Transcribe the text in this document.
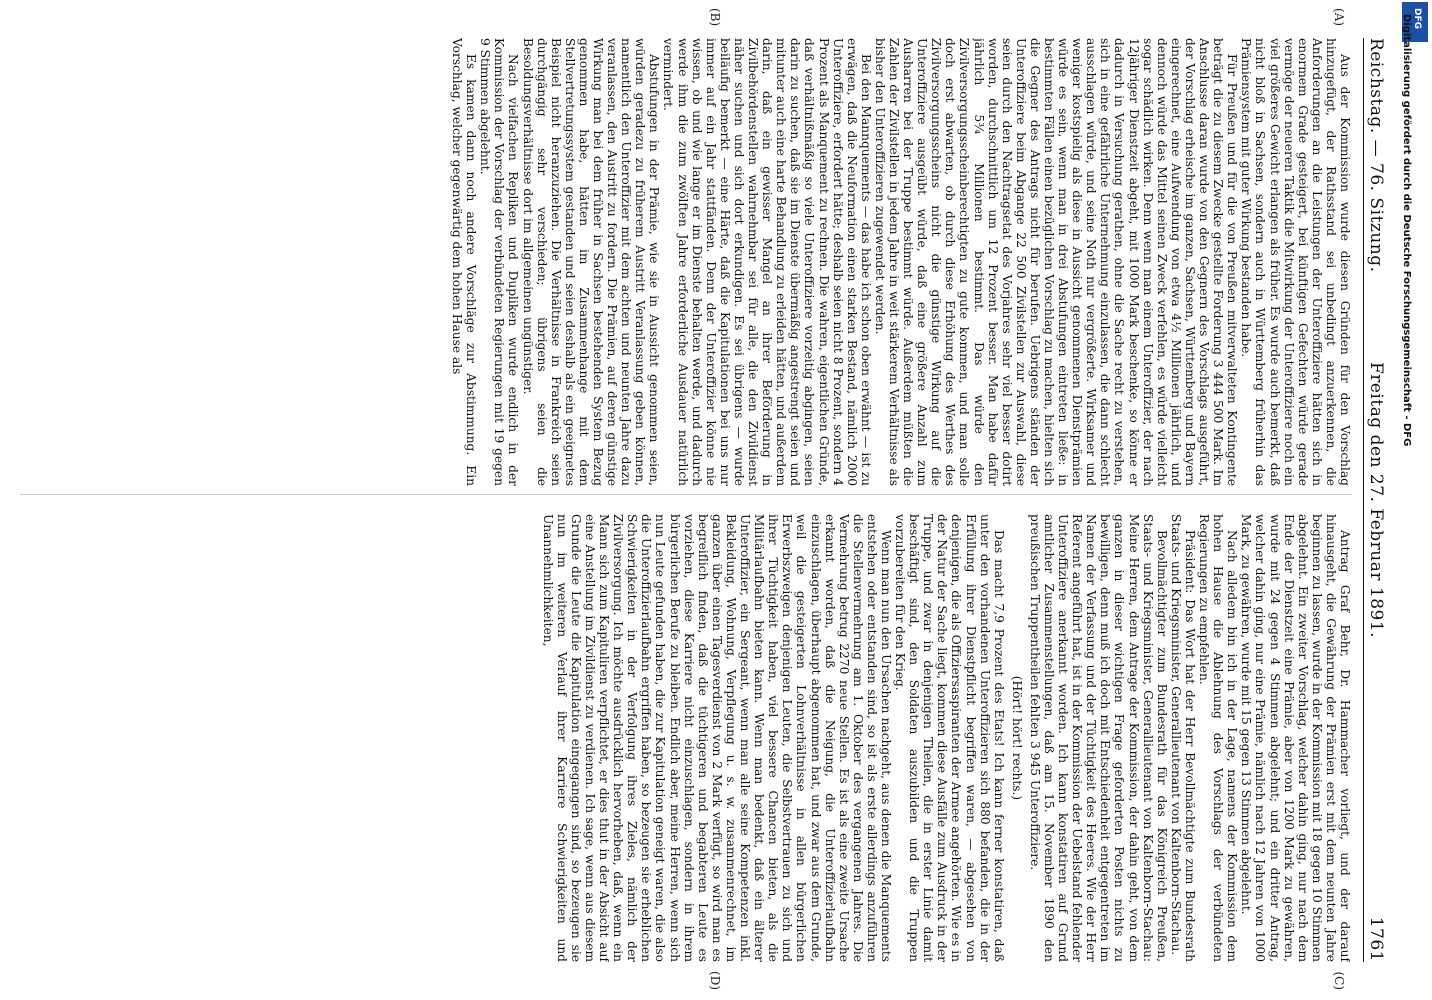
Reichstag. — 76. Sitzung.
Freitag den 27. Februar 1891.
1761
(A)
(B)
(C)
(D)

Aus der Kommission wurde diesen Gründen für den Vorschlag hinzugefügt, der Rathsstand sei unbedingt anzuerkennen, die Anforderungen an die Leistungen der Unteroffiziere hätten sich in enormem Grade gesteigert, bei künftigen Gefechten würde gerade vermöge der neueren Taktik die Mitwirkung der Unteroffiziere noch ein viel größeres Gewicht erlangen als früher. Es wurde auch bemerkt, daß nicht bloß in Sachsen, sondern auch in Württemberg früherhin das Prämiensystem mit guter Wirkung bestanden habe.

Für Preußen und für die von Preußen mitverwalteten Kontingente beträgt die zu diesem Zwecke gestellte Forderung 3 444 500 Mark. Im Anschlusse daran wurde von den Gegnern des Vorschlags ausgeführt, der Vorschlag erheische im ganzen, Sachsen, Württemberg und Bayern eingerechnet, eine Aufwendung von etwa 4½ Millionen jährlich, und dennoch würde das Mittel seinen Zweck verfehlen, es würde vielleicht sogar schädlich wirken. Denn wenn man einem Unteroffizier, der nach 12jähriger Dienstzeit abgeht, mit 1000 Mark beschenke, so könne er dadurch in Versuchung gerathen, ohne die Sache recht zu verstehen, sich in eine gefährliche Unternehmung einzulassen, die dann schlecht ausschlagen würde, und seine Noth nur vergrößerte. Wirksamer und weniger kostspielig als diese in Aussicht genommenen Dienstprämien würde es sein, wenn man in drei Abstufungen eintreten ließe: in bestimmten Fällen einen bezüglichen Vorschlag zu machen, hielten sich die Gegner des Antrags nicht für berufen. Uebrigens ständen der Unteroffiziere beim Abgange 22 500 Zivilstellen zur Auswahl, diese seien durch den Nachtragsetat des Vorjahres sehr viel besser dotirt worden, durchschnittlich um 12 Prozent besser. Man habe dafür jährlich 5¾ Millionen bestimmt. Das würde den Zivilversorgungsscheinberechtigten zu gute kommen, und man solle doch erst abwarten, ob durch diese Erhöhung des Werthes des Zivilversorgungsscheins nicht die günstige Wirkung auf die Unteroffiziere ausgeübt würde, daß eine größere Anzahl zum Ausharren bei der Truppe bestimmt würde. Außerdem müßten die Zahlen der Zivilstellen in jedem Jahre in weit stärkerem Verhältnisse als bisher den Unteroffizieren zugewendet werden.

Bei den Mannquements — das habe ich schon oben erwähnt — ist zu erwägen, daß die Neuformation einen starken Bestand, nämlich 2000 Unteroffiziere, erfordert hätte; deshalb seien nicht 8 Prozent, sondern 4 Prozent als Manquement zu rechnen. Die wahren, eigentlichen Gründe, daß verhältnißmäßig so viele Unteroffiziere vorzeitig abgingen, seien darin zu suchen, daß sie im Dienste übermäßig angestrengt seien und mitunter auch eine harte Behandlung zu erleiden hätten, und außerdem darin, daß ein gewisser Mangel an ihrer Beförderung in Zivilbehördenstellen wahrnehmbar sei für alle, die den Zivildienst näher suchen und sich dort erkundigen. Es sei übrigens — wurde beiläufig bemerkt — eine Härte, daß die Kapitulationen bei uns nur immer auf ein Jahr stattfänden. Denn der Unteroffizier könne nie wissen, ob und wie lange er im Dienste behalten werde, und dadurch werde ihm die zum zwölften Jahre erforderliche Ausdauer natürlich vermindert.

Abstufungen in der Prämie, wie sie in Aussicht genommen seien, würden geradezu zu früherem Austritt Veranlassung geben können, namentlich den Unteroffizier mit dem achten und neunten Jahre dazu veranlassen, den Austritt zu fordern. Die Prämien, auf deren günstige Wirkung man bei dem früher in Sachsen bestehenden System Bezug genommen habe, hätten im Zusammenhange mit dem Stellvertretungssystem gestanden und seien deshalb als ein geeignetes Beispiel nicht heranzuziehen. Die Verhältnisse in Frankreich seien durchgängig sehr verschieden; übrigens seien die Besoldungsverhältnisse dort im allgemeinen ungünstiger.

Nach vielfachen Repliken und Dupliken wurde endlich in der Kommission der Vorschlag der verbündeten Regierungen mit 19 gegen 9 Stimmen abgelehnt.

Es kamen dann noch andere Vorschläge zur Abstimmung. Ein Vorschlag, welcher gegenwärtig dem hohen Hause als

Antrag Graf Behr, Dr. Hammacher vorliegt, und der darauf hinausgeht, die Gewährung der Prämien erst mit dem neunten Jahre beginnen zu lassen, wurde in der Kommission mit 18 gegen 10 Stimmen abgelehnt. Ein zweiter Vorschlag, welcher dahin ging, nur nach dem Ende der Dienstzeit eine Prämie, aber von 1200 Mark zu gewähren, wurde mit 24 gegen 4 Stimmen abgelehnt; und ein dritter Antrag, welcher dahin ging, nur eine Prämie, nämlich nach 12 Jahren von 1000 Mark, zu gewähren, wurde mit 15 gegen 13 Stimmen abgelehnt.

Nach alledem bin ich in der Lage, namens der Kommission dem hohen Hause die Ablehnung des Vorschlags der verbündeten Regierungen zu empfehlen.

Präsident: Das Wort hat der Herr Bevollmächtigte zum Bundesrath Staats- und Kriegsminister, Generallieutenant von Kaltenborn-Stachau.

Bevollmächtigter zum Bundesrath für das Königreich Preußen, Staats- und Kriegsminister, Generallieutenant von Kaltenborn-Stachau: Meine Herren, dem Antrage der Kommission, der dahin geht, von dem ganzen in dieser wichtigen Frage geforderten Posten nichts zu bewilligen, denn muß ich doch mit Entschiedenheit entgegentreten im Namen der Verfassung und der Tüchtigkeit des Heeres. Wie der Herr Referent angeführt hat, ist in der Kommission der Uebelstand fehlender Unteroffiziere anerkannt worden. Ich kann konstatiren auf Grund amtlicher Zusammenstellungen, daß am 15. November 1890 den preußischen Truppentheilen fehlten 3 945 Unteroffiziere.

(Hört! hört! rechts.)

Das macht 7,9 Prozent des Etats! Ich kann ferner konstatiren, daß unter den vorhandenen Unteroffizieren sich 880 befanden, die in der Erfüllung ihrer Dienstpflicht begriffen waren, — abgesehen von denjenigen, die als Offiziersaspiranten der Armee angehörten. Wie es in der Natur der Sache liegt, kommen diese Ausfälle zum Ausdruck in der Truppe, und zwar in denjenigen Theilen, die in erster Linie damit beschäftigt sind, den Soldaten auszubilden und die Truppen vorzubereiten für den Krieg.

Wenn man nun den Ursachen nachgeht, aus denen die Manquements entstehen oder entstanden sind, so ist als erste allerdings anzuführen die Stellenvermehrung am 1. Oktober des vergangenen Jahres. Die Vermehrung betrug 2270 neue Stellen. Es ist als eine zweite Ursache erkannt worden, daß die Neigung, die Unteroffizierlaufbahn einzuschlagen, überhaupt abgenommen hat, und zwar aus dem Grunde, weil die gesteigerten Lohnverhältnisse in allen bürgerlichen Erwerbszweigen denjenigen Leuten, die Selbstvertrauen zu sich und ihrer Tüchtigkeit haben, viel bessere Chancen bieten, als die Militärlaufbahn bieten kann. Wenn man bedenkt, daß ein älterer Unteroffizier, ein Sergeant, wenn man alle seine Kompetenzen inkl. Bekleidung, Wohnung, Verpflegung u. s. w. zusammenrechnet, im ganzen über einen Tagesverdienst von 2 Mark verfügt, so wird man es begreiflich finden, daß die tüchtigeren und begabteren Leute es vorziehen, diese Karriere nicht einzuschlagen, sondern in ihrem bürgerlichen Berufe zu bleiben. Endlich aber, meine Herren, wenn sich nun Leute gefunden haben, die zur Kapitulation geneigt waren, die also die Unteroffizierlaufbahn ergriffen haben, so bezeugen sie erheblichen Schwierigkeiten in der Verfolgung ihres Zieles, nämlich der Zivilversorgung. Ich möchte ausdrücklich hervorheben, daß, wenn ein Mann sich zum Kapituliren verpflichtet, er dies thut in der Absicht auf eine Anstellung im Zivildienst zu verdienen. Ich sage, wenn aus diesem Grunde die Leute die Kapitulation eingegangen sind, so bezeugen sie nun im weiteren Verlauf ihrer Karriere Schwierigkeiten und Unannehmlichkeiten,

DFG
Digitalisierung gefördert durch die Deutsche Forschungsgemeinschaft - DFG
